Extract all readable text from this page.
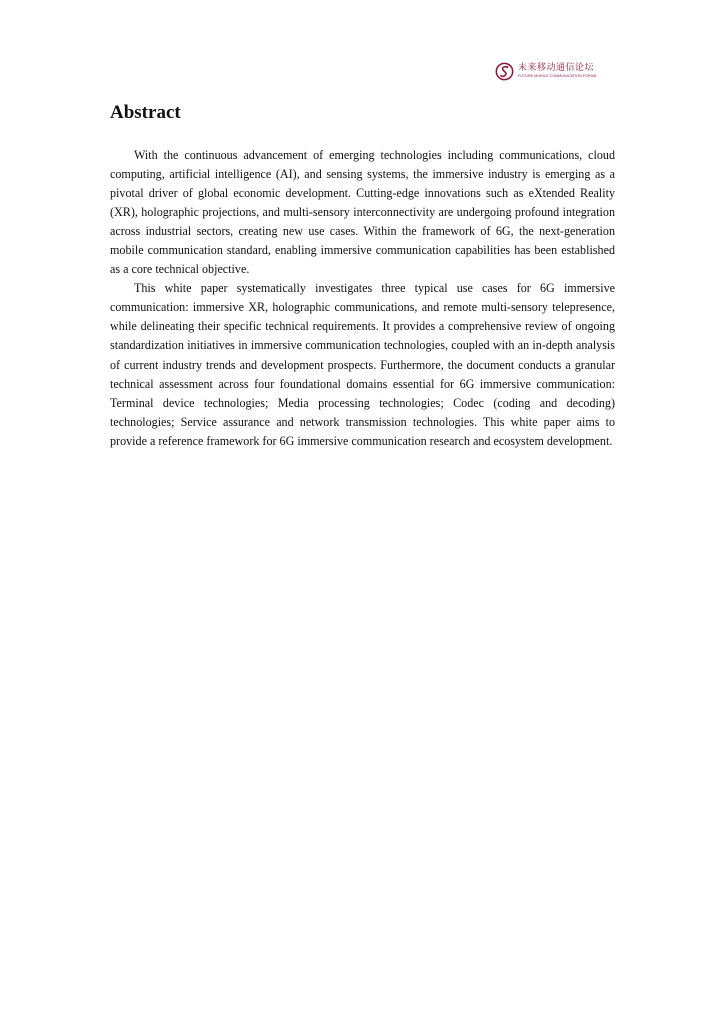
未来移动通信论坛
FUTURE MOBILE COMMUNICATION FORUM
Abstract

With the continuous advancement of emerging technologies including communications, cloud computing, artificial intelligence (AI), and sensing systems, the immersive industry is emerging as a pivotal driver of global economic development. Cutting-edge innovations such as eXtended Reality (XR), holographic projections, and multi-sensory interconnectivity are undergoing profound integration across industrial sectors, creating new use cases. Within the framework of 6G, the next-generation mobile communication standard, enabling immersive communication capabilities has been established as a core technical objective.

This white paper systematically investigates three typical use cases for 6G immersive communication: immersive XR, holographic communications, and remote multi-sensory telepresence, while delineating their specific technical requirements. It provides a comprehensive review of ongoing standardization initiatives in immersive communication technologies, coupled with an in-depth analysis of current industry trends and development prospects. Furthermore, the document conducts a granular technical assessment across four foundational domains essential for 6G immersive communication: Terminal device technologies; Media processing technologies; Codec (coding and decoding) technologies; Service assurance and network transmission technologies. This white paper aims to provide a reference framework for 6G immersive communication research and ecosystem development.
